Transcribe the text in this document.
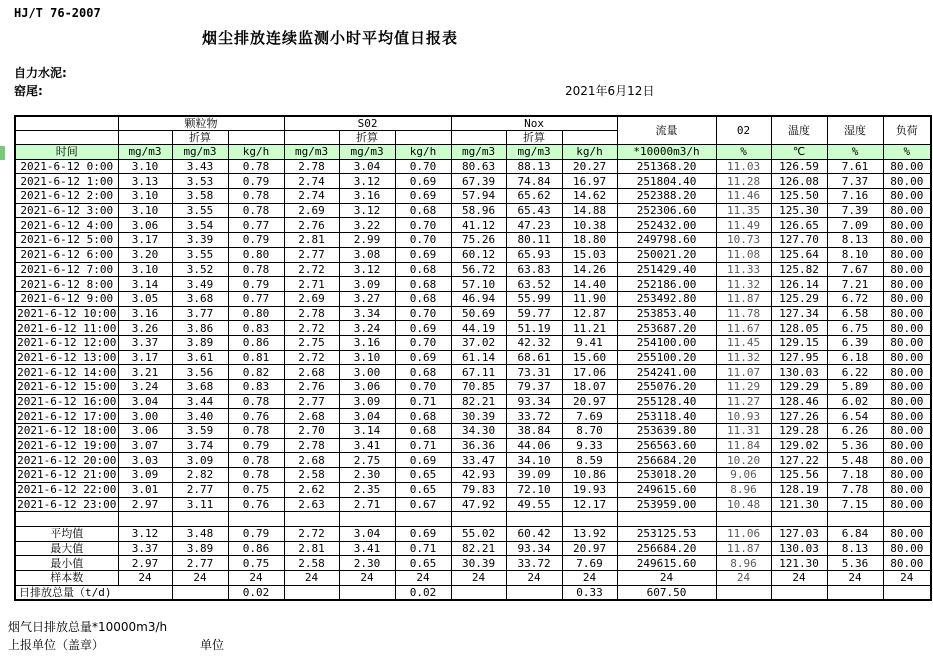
HJ/T 76-2007
烟尘排放连续监测小时平均值日报表
自力水泥:
窑尾:	2021年6月12日
	颗粒物			S02			Nox			流量	02	温度	湿度	负荷
		折算			折算			折算						
时间	mg/m3	mg/m3	kg/h	mg/m3	mg/m3	kg/h	mg/m3	mg/m3	kg/h	*10000m3/h	%	℃	%	%
2021-6-12 0:00	3.10	3.43	0.78	2.78	3.04	0.70	80.63	88.13	20.27	251368.20	11.03	126.59	7.61	80.00
2021-6-12 1:00	3.13	3.53	0.79	2.74	3.12	0.69	67.39	74.84	16.97	251804.40	11.28	126.08	7.37	80.00
2021-6-12 2:00	3.10	3.58	0.78	2.74	3.16	0.69	57.94	65.62	14.62	252388.20	11.46	125.50	7.16	80.00
2021-6-12 3:00	3.10	3.55	0.78	2.69	3.12	0.68	58.96	65.43	14.88	252306.60	11.35	125.30	7.39	80.00
2021-6-12 4:00	3.06	3.54	0.77	2.76	3.22	0.70	41.12	47.23	10.38	252432.00	11.49	126.65	7.09	80.00
2021-6-12 5:00	3.17	3.39	0.79	2.81	2.99	0.70	75.26	80.11	18.80	249798.60	10.73	127.70	8.13	80.00
2021-6-12 6:00	3.20	3.55	0.80	2.77	3.08	0.69	60.12	65.93	15.03	250021.20	11.08	125.64	8.10	80.00
2021-6-12 7:00	3.10	3.52	0.78	2.72	3.12	0.68	56.72	63.83	14.26	251429.40	11.33	125.82	7.67	80.00
2021-6-12 8:00	3.14	3.49	0.79	2.71	3.09	0.68	57.10	63.52	14.40	252186.00	11.32	126.14	7.21	80.00
2021-6-12 9:00	3.05	3.68	0.77	2.69	3.27	0.68	46.94	55.99	11.90	253492.80	11.87	125.29	6.72	80.00
2021-6-12 10:00	3.16	3.77	0.80	2.78	3.34	0.70	50.69	59.77	12.87	253853.40	11.78	127.34	6.58	80.00
2021-6-12 11:00	3.26	3.86	0.83	2.72	3.24	0.69	44.19	51.19	11.21	253687.20	11.67	128.05	6.75	80.00
2021-6-12 12:00	3.37	3.89	0.86	2.75	3.16	0.70	37.02	42.32	9.41	254100.00	11.45	129.15	6.39	80.00
2021-6-12 13:00	3.17	3.61	0.81	2.72	3.10	0.69	61.14	68.61	15.60	255100.20	11.32	127.95	6.18	80.00
2021-6-12 14:00	3.21	3.56	0.82	2.68	3.00	0.68	67.11	73.31	17.06	254241.00	11.07	130.03	6.22	80.00
2021-6-12 15:00	3.24	3.68	0.83	2.76	3.06	0.70	70.85	79.37	18.07	255076.20	11.29	129.29	5.89	80.00
2021-6-12 16:00	3.04	3.44	0.78	2.77	3.09	0.71	82.21	93.34	20.97	255128.40	11.27	128.46	6.02	80.00
2021-6-12 17:00	3.00	3.40	0.76	2.68	3.04	0.68	30.39	33.72	7.69	253118.40	10.93	127.26	6.54	80.00
2021-6-12 18:00	3.06	3.59	0.78	2.70	3.14	0.68	34.30	38.84	8.70	253639.80	11.31	129.28	6.26	80.00
2021-6-12 19:00	3.07	3.74	0.79	2.78	3.41	0.71	36.36	44.06	9.33	256563.60	11.84	129.02	5.36	80.00
2021-6-12 20:00	3.03	3.09	0.78	2.68	2.75	0.69	33.47	34.10	8.59	256684.20	10.20	127.22	5.48	80.00
2021-6-12 21:00	3.09	2.82	0.78	2.58	2.30	0.65	42.93	39.09	10.86	253018.20	9.06	125.56	7.18	80.00
2021-6-12 22:00	3.01	2.77	0.75	2.62	2.35	0.65	79.83	72.10	19.93	249615.60	8.96	128.19	7.78	80.00
2021-6-12 23:00	2.97	3.11	0.76	2.63	2.71	0.67	47.92	49.55	12.17	253959.00	10.48	121.30	7.15	80.00

平均值	3.12	3.48	0.79	2.72	3.04	0.69	55.02	60.42	13.92	253125.53	11.06	127.03	6.84	80.00
最大值	3.37	3.89	0.86	2.81	3.41	0.71	82.21	93.34	20.97	256684.20	11.87	130.03	8.13	80.00
最小值	2.97	2.77	0.75	2.58	2.30	0.65	30.39	33.72	7.69	249615.60	8.96	121.30	5.36	80.00
样本数	24	24	24	24	24	24	24	24	24	24	24	24	24	24
日排放总量（t/d)			0.02			0.02			0.33	607.50				
烟气日排放总量*10000m3/h
上报单位（盖章）	单位
